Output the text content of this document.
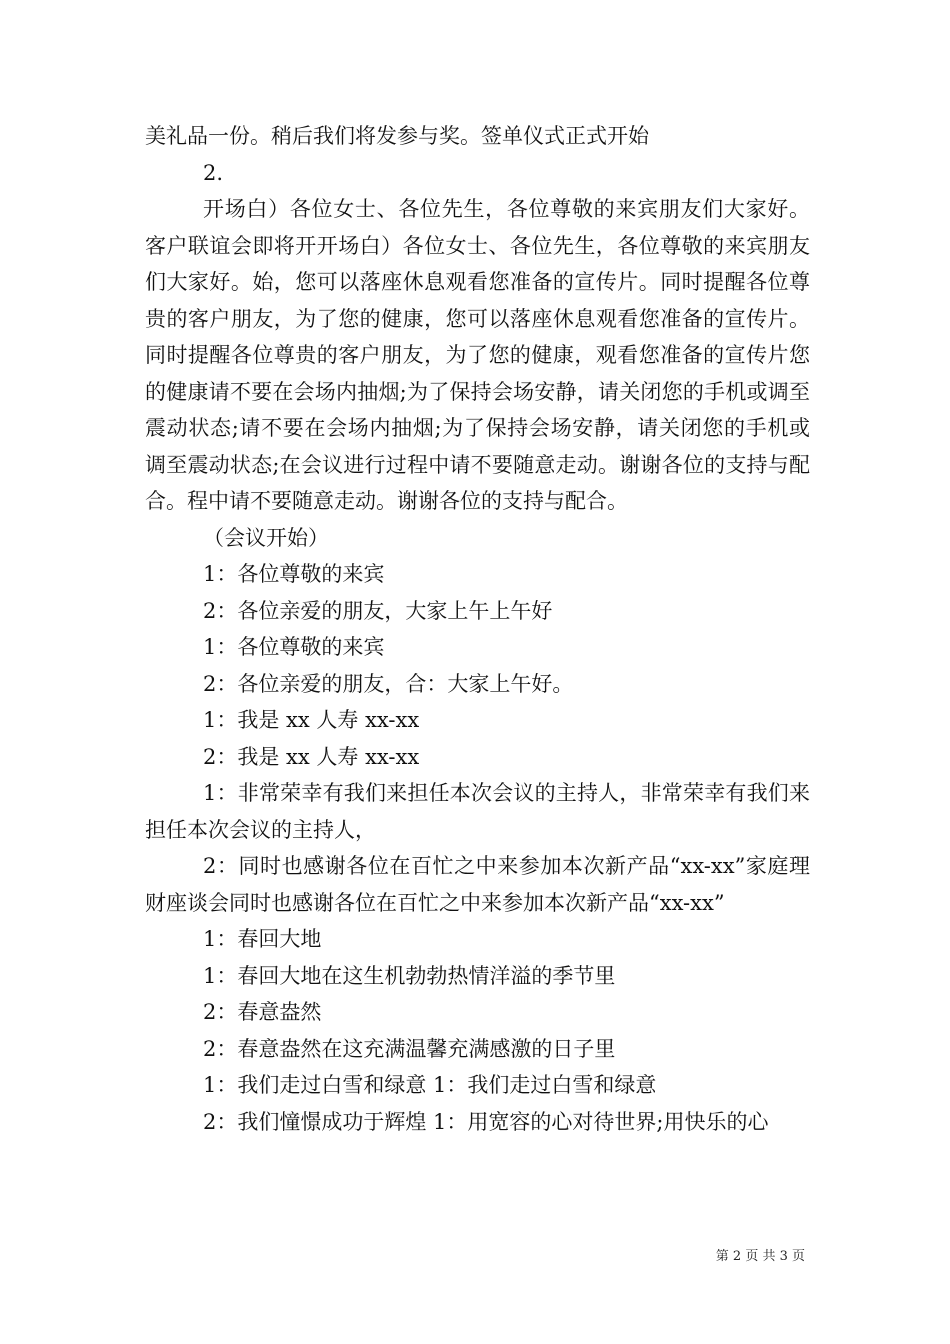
美礼品一份。稍后我们将发参与奖。签单仪式正式开始

2.

开场白）各位女士、各位先生，各位尊敬的来宾朋友们大家好。客户联谊会即将开开场白）各位女士、各位先生，各位尊敬的来宾朋友们大家好。始，您可以落座休息观看您准备的宣传片。同时提醒各位尊贵的客户朋友，为了您的健康，您可以落座休息观看您准备的宣传片。同时提醒各位尊贵的客户朋友，为了您的健康，观看您准备的宣传片您的健康请不要在会场内抽烟;为了保持会场安静，请关闭您的手机或调至震动状态;请不要在会场内抽烟;为了保持会场安静，请关闭您的手机或调至震动状态;在会议进行过程中请不要随意走动。谢谢各位的支持与配合。程中请不要随意走动。谢谢各位的支持与配合。

（会议开始）

1：各位尊敬的来宾

2：各位亲爱的朋友，大家上午上午好

1：各位尊敬的来宾

2：各位亲爱的朋友，合：大家上午好。

1：我是 xx 人寿 xx-xx

2：我是 xx 人寿 xx-xx

1：非常荣幸有我们来担任本次会议的主持人，非常荣幸有我们来担任本次会议的主持人，

2：同时也感谢各位在百忙之中来参加本次新产品“xx-xx”家庭理财座谈会同时也感谢各位在百忙之中来参加本次新产品“xx-xx”

1：春回大地

1：春回大地在这生机勃勃热情洋溢的季节里

2：春意盎然

2：春意盎然在这充满温馨充满感激的日子里

1：我们走过白雪和绿意 1：我们走过白雪和绿意

2：我们憧憬成功于辉煌 1：用宽容的心对待世界;用快乐的心

第 2 页 共 3 页
